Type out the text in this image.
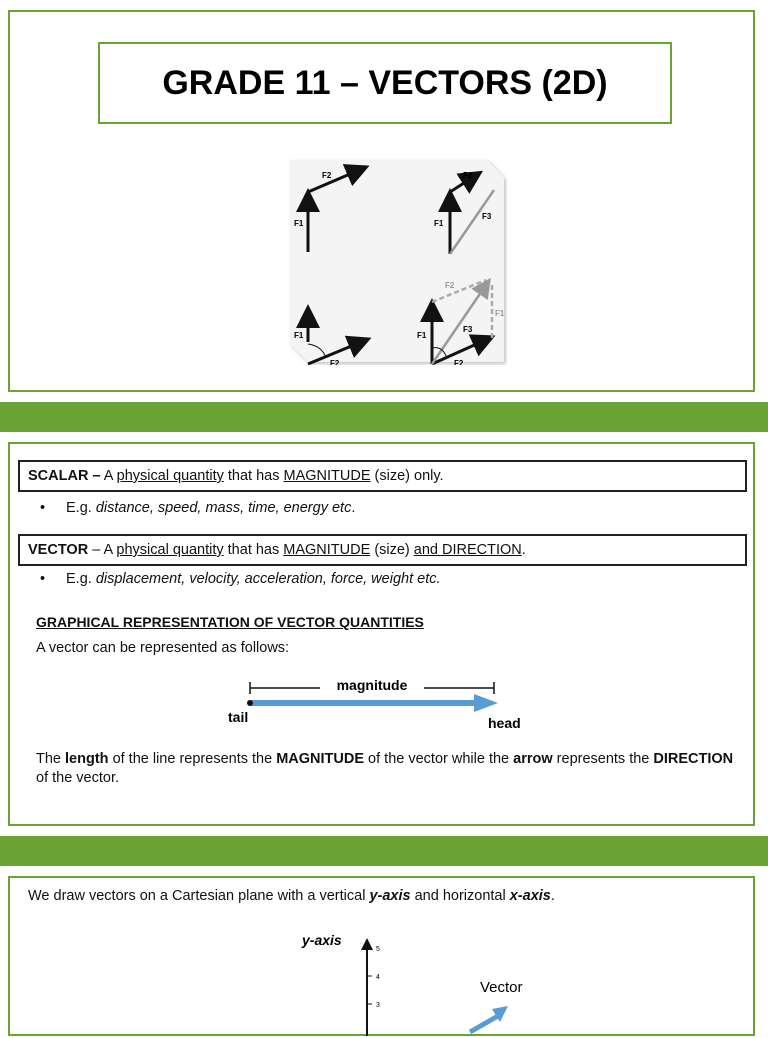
GRADE 11 – VECTORS (2D)
F2
F1
F2
F1
F3
F1
F2
F2
F1
F1
F3
F2
SCALAR – A physical quantity that has MAGNITUDE (size) only.
• E.g. distance, speed, mass, time, energy etc.
VECTOR – A physical quantity that has MAGNITUDE (size) and DIRECTION.
• E.g. displacement, velocity, acceleration, force, weight etc.
GRAPHICAL REPRESENTATION OF VECTOR QUANTITIES
A vector can be represented as follows:
magnitude
tail	head
The length of the line represents the MAGNITUDE of the vector while the arrow represents the DIRECTION of the vector.
We draw vectors on a Cartesian plane with a vertical y-axis and horizontal x-axis.
5
4
3
y-axis
Vector
